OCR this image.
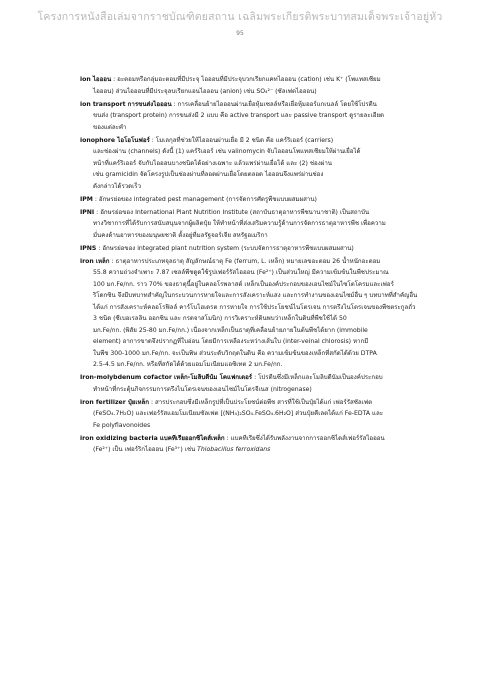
โครงการหนังสือเล่มจากราชบัณฑิตยสถาน เฉลิมพระเกียรติพระบาทสมเด็จพระเจ้าอยู่หัว
95
ion ไอออน : อะตอมหรือกลุ่มอะตอมที่มีประจุ ไอออนที่มีประจุบวกเรียกแคทไอออน (cation) เช่น K⁺ (โพแทสเซียม
ไอออน) ส่วนไอออนที่มีประจุลบเรียกแอนไอออน (anion) เช่น SO₄²⁻ (ซัลเฟตไอออน)
ion transport การขนส่งไอออน : การเคลื่อนย้ายไอออนผ่านเยื่อหุ้มเซลล์หรือเยื่อหุ้มออร์แกเนลล์ โดยใช้โปรตีน
ขนส่ง (transport protein) การขนส่งมี 2 แบบ คือ active transport และ passive transport ดูรายละเอียด
ของแต่ละคำ
ionophore ไอโอโนฟอร์ : โมเลกุลที่ช่วยให้ไอออนผ่านเยื่อ มี 2 ชนิด คือ แคร์ริเออร์ (carriers)
และช่องผ่าน (channels) ดังนี้ (1) แคร์ริเออร์ เช่น valinomycin จับไอออนโพแทสเซียมให้ผ่านเยื่อได้
หน้าที่แคร์ริเออร์ จับกับไอออนบางชนิดได้อย่างเฉพาะ แล้วแพร่ผ่านเยื่อได้ และ (2) ช่องผ่าน
เช่น gramicidin จัดโครงรูปเป็นช่องผ่านที่ลอดผ่านเยื่อโดยตลอด ไอออนจึงแพร่ผ่านช่อง
ดังกล่าวได้รวดเร็ว
IPM : อักษรย่อของ integrated pest management (การจัดการศัตรูพืชแบบผสมผสาน)
IPNI : อักษรย่อของ International Plant Nutrition Institute (สถาบันธาตุอาหารพืชนานาชาติ) เป็นสถาบัน
ทางวิชาการที่ได้รับการสนับสนุนจากผู้ผลิตปุ๋ย ให้ทำหน้าที่ส่งเสริมความรู้ด้านการจัดการธาตุอาหารพืช เพื่อความ
มั่นคงด้านอาหารของมนุษยชาติ ตั้งอยู่ที่มลรัฐจอร์เจีย สหรัฐอเมริกา
IPNS : อักษรย่อของ integrated plant nutrition system (ระบบจัดการธาตุอาหารพืชแบบผสมผสาน)
iron เหล็ก : ธาตุอาหารประเภทจุลธาตุ สัญลักษณ์ธาตุ Fe (ferrum, L. เหล็ก) หมายเลขอะตอม 26 น้ำหนักอะตอม
55.8 ความถ่วงจำเพาะ 7.87 เซลล์พืชดูดใช้รูปเฟอร์รัสไอออน (Fe²⁺) เป็นส่วนใหญ่ มีความเข้มข้นในพืชประมาณ
100 มก.Fe/กก. ราว 70% ของธาตุนี้อยู่ในคลอโรพลาสต์ เหล็กเป็นองค์ประกอบของเอนไซม์ในไซโตโครมและเฟอร์
ริโดกซิน จึงมีบทบาทสำคัญในกระบวนการหายใจและการสังเคราะห์แสง และการทำงานของเอนไซม์อื่น ๆ บทบาทที่สำคัญอื่น
ได้แก่ การสังเคราะห์คลอโรฟิลล์ คาร์โบไฮเดรต การหายใจ การใช้ประโยชน์ไนโตรเจน การตรึงไนโตรเจนของพืชตระกูลถั่ว
3 ชนิด (ซีเบอเรลลิน ออกซิน และ กรดจาสโมนิก) การวิเคราะห์ดินพบว่าเหล็กในดินที่พืชใช้ได้ 50
มก.Fe/กก. (พิสัย 25-80 มก.Fe/กก.) เนื่องจากเหล็กเป็นธาตุที่เคลื่อนย้ายภายในต้นพืชได้ยาก (immobile
element) อาการขาดจึงปรากฏที่ใบอ่อน โดยมีการเหลืองระหว่างเส้นใบ (inter-veinal chlorosis) หากมี
ในพืช 300-1000 มก.Fe/กก. จะเป็นพิษ ส่วนระดับวิกฤตในดิน คือ ความเข้มข้นของเหล็กที่สกัดได้ด้วย DTPA
2.5-4.5 มก.Fe/กก. หรือที่สกัดได้ด้วยแอมโมเนียมแอซิเทต 2 มก.Fe/กก.
Iron-molybdenum cofactor เหล็ก-โมลิบดีนัม โคแฟกเตอร์ : โปรตีนซึ่งมีเหล็กและโมลิบดีนัมเป็นองค์ประกอบ
ทำหน้าที่กระตุ้นกิจกรรมการตรึงไนโตรเจนของเอนไซม์ไนโตรจีเนส (nitrogenase)
iron fertilizer ปุ๋ยเหล็ก : สารประกอบซึ่งมีเหล็กรูปที่เป็นประโยชน์ต่อพืช สารที่ใช้เป็นปุ๋ยได้แก่ เฟอร์รัสซัลเฟต
(FeSO₄.7H₂O) และเฟอร์รัสแอมโมเนียมซัลเฟต [(NH₄)₂SO₄.FeSO₄.6H₂O] ส่วนปุ๋ยคีเลตได้แก่ Fe-EDTA และ
Fe polyflavonoides
iron oxidizing bacteria แบคทีเรียออกซิไดส์เหล็ก : แบคทีเรียซึ่งได้รับพลังงานจากการออกซิไดส์เฟอร์รัสไอออน
(Fe²⁺) เป็น เฟอร์ริกไอออน (Fe³⁺) เช่น Thiobacillus ferroxidans
